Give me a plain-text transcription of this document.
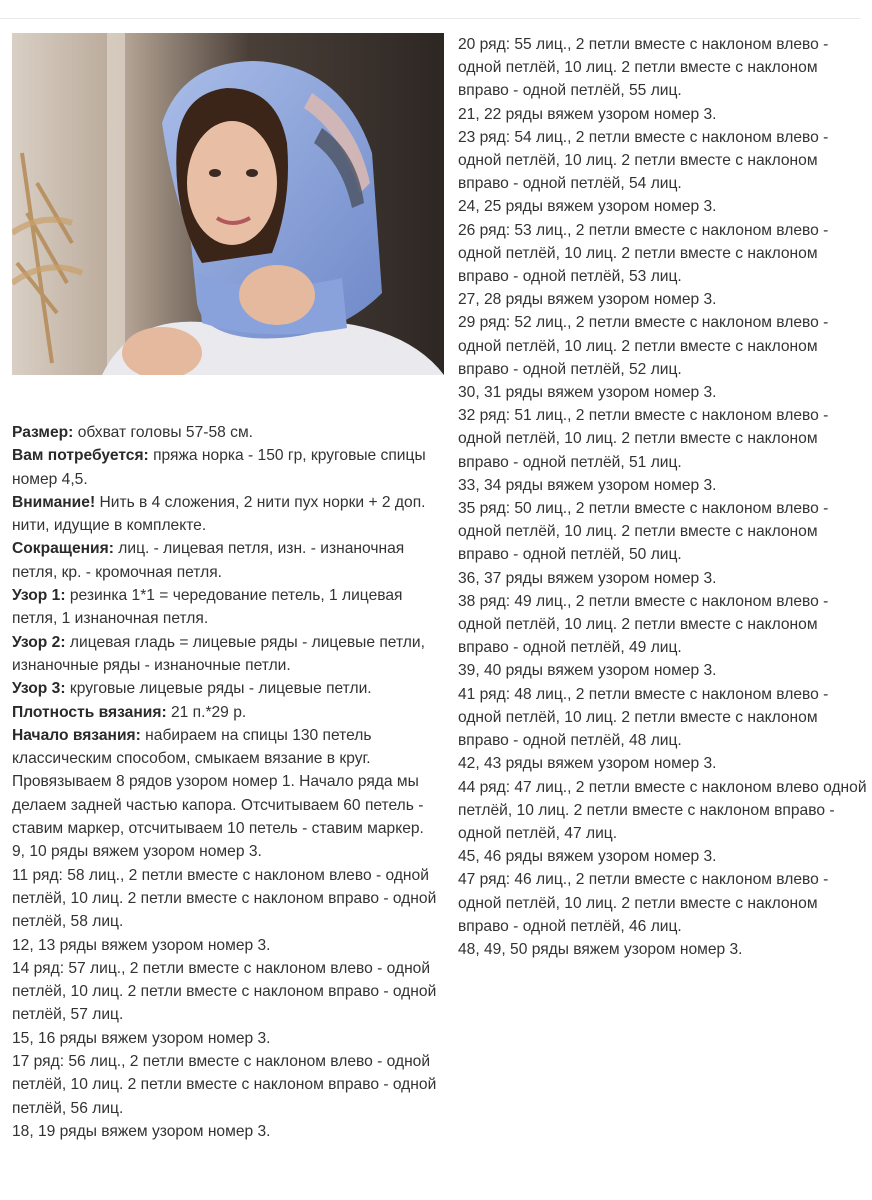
Размер: обхват головы 57-58 см.

Вам потребуется: пряжа норка - 150 гр, круговые спицы номер 4,5.

Внимание! Нить в 4 сложения, 2 нити пух норки + 2 доп. нити, идущие в комплекте.

Сокращения: лиц. - лицевая петля, изн. - изнаночная петля, кр. - кромочная петля.

Узор 1: резинка 1*1 = чередование петель, 1 лицевая петля, 1 изнаночная петля.

Узор 2: лицевая гладь = лицевые ряды - лицевые петли, изнаночные ряды - изнаночные петли.

Узор 3: круговые лицевые ряды - лицевые петли.

Плотность вязания: 21 п.*29 р.

Начало вязания: набираем на спицы 130 петель классическим способом, смыкаем вязание в круг. Провязываем 8 рядов узором номер 1. Начало ряда мы делаем задней частью капора. Отсчитываем 60 петель - ставим маркер, отсчитываем 10 петель - ставим маркер.

9, 10 ряды вяжем узором номер 3.

11 ряд: 58 лиц., 2 петли вместе с наклоном влево - одной петлёй, 10 лиц. 2 петли вместе с наклоном вправо - одной петлёй, 58 лиц.

12, 13 ряды вяжем узором номер 3.

14 ряд: 57 лиц., 2 петли вместе с наклоном влево - одной петлёй, 10 лиц. 2 петли вместе с наклоном вправо - одной петлёй, 57 лиц.

15, 16 ряды вяжем узором номер 3.

17 ряд: 56 лиц., 2 петли вместе с наклоном влево - одной петлёй, 10 лиц. 2 петли вместе с наклоном вправо - одной петлёй, 56 лиц.

18, 19 ряды вяжем узором номер 3.

20 ряд: 55 лиц., 2 петли вместе с наклоном влево - одной петлёй, 10 лиц. 2 петли вместе с наклоном вправо - одной петлёй, 55 лиц.

21, 22 ряды вяжем узором номер 3.

23 ряд: 54 лиц., 2 петли вместе с наклоном влево - одной петлёй, 10 лиц. 2 петли вместе с наклоном вправо - одной петлёй, 54 лиц.

24, 25 ряды вяжем узором номер 3.

26 ряд: 53 лиц., 2 петли вместе с наклоном влево - одной петлёй, 10 лиц. 2 петли вместе с наклоном вправо - одной петлёй, 53 лиц.

27, 28 ряды вяжем узором номер 3.

29 ряд: 52 лиц., 2 петли вместе с наклоном влево - одной петлёй, 10 лиц. 2 петли вместе с наклоном вправо - одной петлёй, 52 лиц.

30, 31 ряды вяжем узором номер 3.

32 ряд: 51 лиц., 2 петли вместе с наклоном влево - одной петлёй, 10 лиц. 2 петли вместе с наклоном вправо - одной петлёй, 51 лиц.

33, 34 ряды вяжем узором номер 3.

35 ряд: 50 лиц., 2 петли вместе с наклоном влево - одной петлёй, 10 лиц. 2 петли вместе с наклоном вправо - одной петлёй, 50 лиц.

36, 37 ряды вяжем узором номер 3.

38 ряд: 49 лиц., 2 петли вместе с наклоном влево - одной петлёй, 10 лиц. 2 петли вместе с наклоном вправо - одной петлёй, 49 лиц.

39, 40 ряды вяжем узором номер 3.

41 ряд: 48 лиц., 2 петли вместе с наклоном влево - одной петлёй, 10 лиц. 2 петли вместе с наклоном вправо - одной петлёй, 48 лиц.

42, 43 ряды вяжем узором номер 3.

44 ряд: 47 лиц., 2 петли вместе с наклоном влево одной петлёй, 10 лиц. 2 петли вместе с наклоном вправо - одной петлёй, 47 лиц.

45, 46 ряды вяжем узором номер 3.

47 ряд: 46 лиц., 2 петли вместе с наклоном влево - одной петлёй, 10 лиц. 2 петли вместе с наклоном вправо - одной петлёй, 46 лиц.

48, 49, 50 ряды вяжем узором номер 3.
